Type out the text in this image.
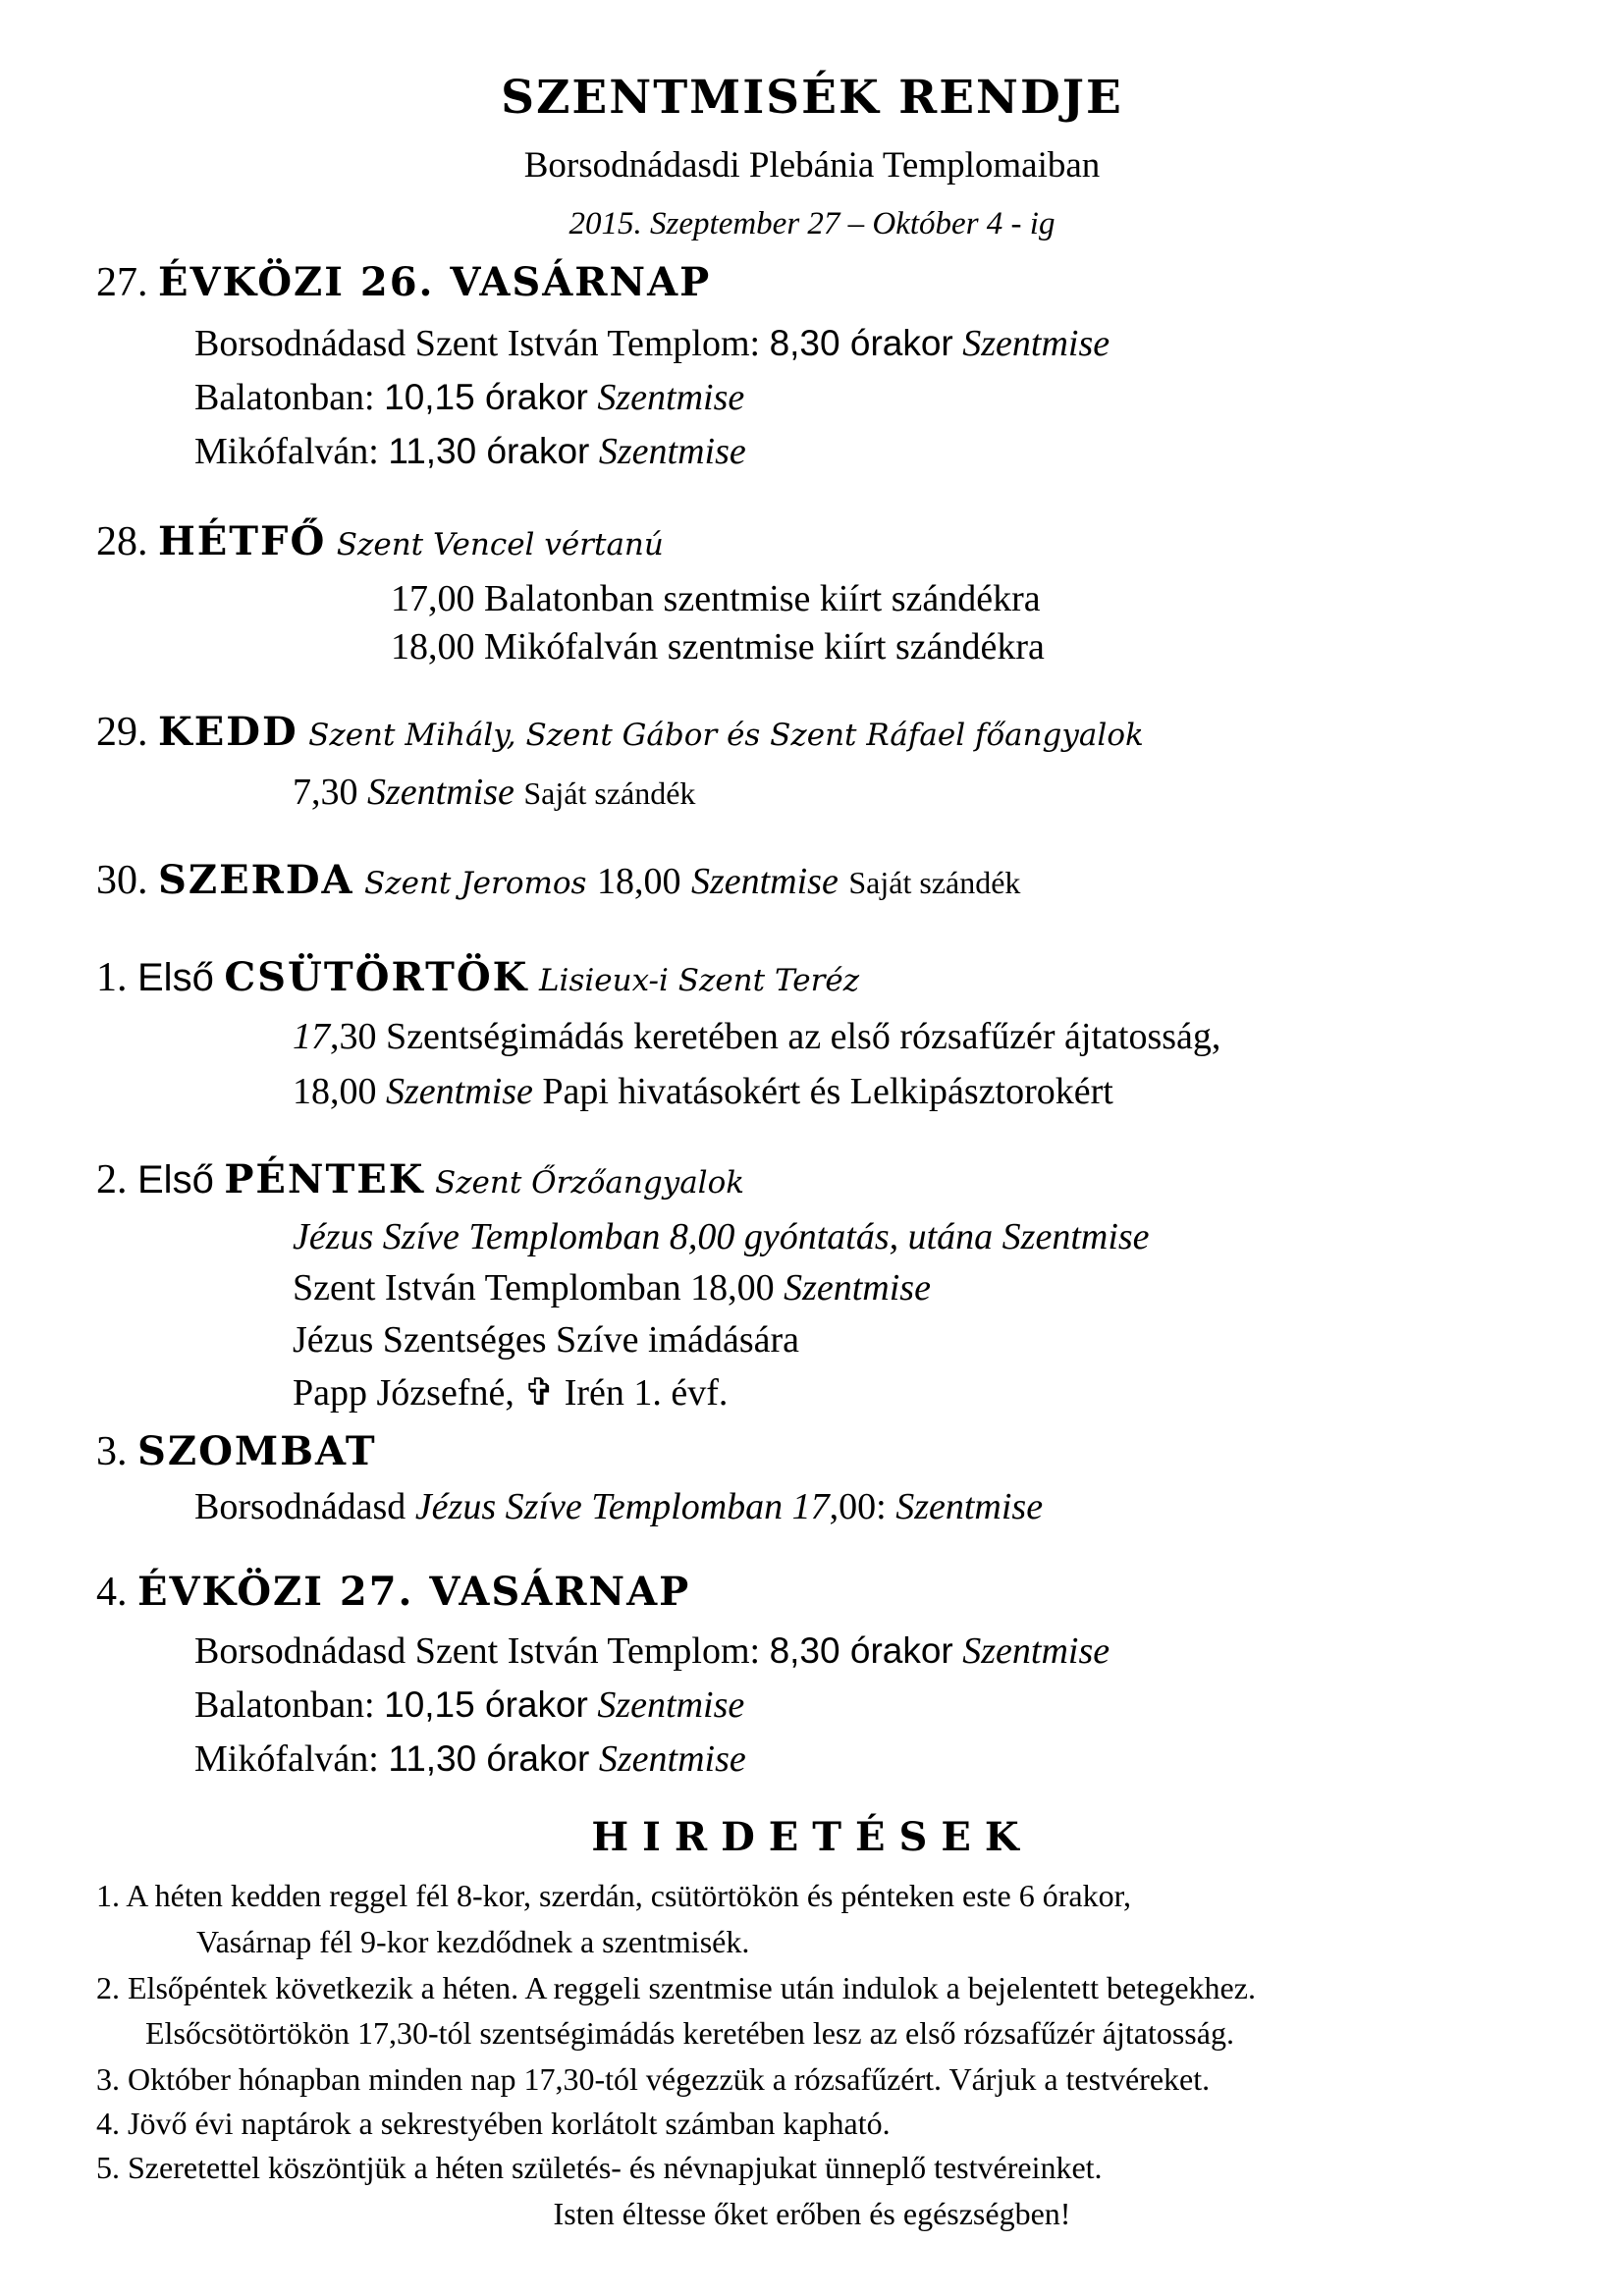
SZENTMISÉK RENDJE
Borsodnádasdi Plebánia Templomaiban
2015. Szeptember 27 – Október 4 - ig
27. ÉVKÖZI 26. VASÁRNAP
Borsodnádasd Szent István Templom: 8,30 órakor Szentmise
Balatonban: 10,15 órakor Szentmise
Mikófalván: 11,30 órakor Szentmise
28. HÉTFŐ Szent Vencel vértanú
17,00 Balatonban szentmise kiírt szándékra
18,00 Mikófalván szentmise kiírt szándékra
29. KEDD Szent Mihály, Szent Gábor és Szent Ráfael főangyalok
7,30 Szentmise Saját szándék
30. SZERDA Szent Jeromos 18,00 Szentmise Saját szándék
1. Első CSÜTÖRTÖK Lisieux-i Szent Teréz
17,30 Szentségimádás keretében az első rózsafűzér ájtatosság,
18,00 Szentmise Papi hivatásokért és Lelkipásztorokért
2. Első PÉNTEK Szent Őrzőangyalok
Jézus Szíve Templomban 8,00 gyóntatás, utána Szentmise
Szent István Templomban 18,00 Szentmise
Jézus Szentséges Szíve imádására
Papp Józsefné, ✞ Irén 1. évf.
3. SZOMBAT
Borsodnádasd Jézus Szíve Templomban 17,00: Szentmise
4. ÉVKÖZI 27. VASÁRNAP
Borsodnádasd Szent István Templom: 8,30 órakor Szentmise
Balatonban: 10,15 órakor Szentmise
Mikófalván: 11,30 órakor Szentmise
HIRDETÉSEK
1. A héten kedden reggel fél 8-kor, szerdán, csütörtökön és pénteken este 6 órakor,
Vasárnap fél 9-kor kezdődnek a szentmisék.
2. Elsőpéntek következik a héten. A reggeli szentmise után indulok a bejelentett betegekhez.
Elsőcsötörtökön 17,30-tól szentségimádás keretében lesz az első rózsafűzér ájtatosság.
3. Október hónapban minden nap 17,30-tól végezzük a rózsafűzért. Várjuk a testvéreket.
4. Jövő évi naptárok a sekrestyében korlátolt számban kapható.
5. Szeretettel köszöntjük a héten születés- és névnapjukat ünneplő testvéreinket.
Isten éltesse őket erőben és egészségben!
